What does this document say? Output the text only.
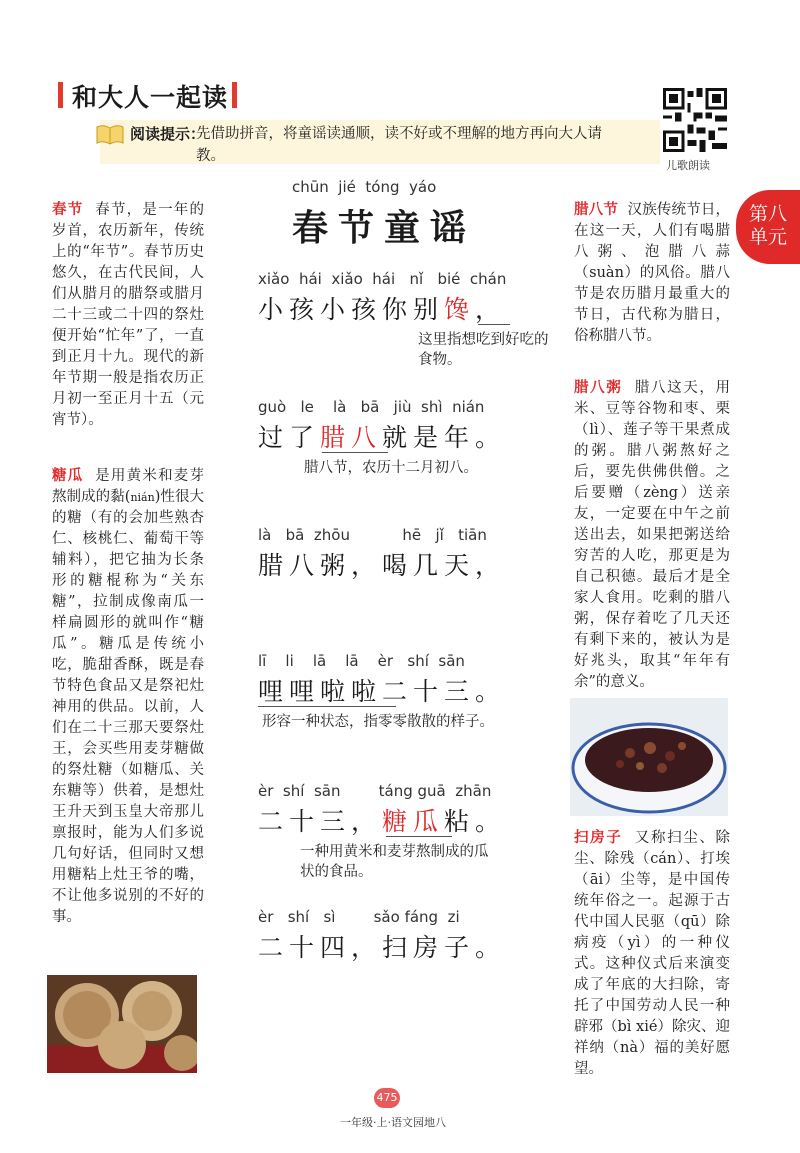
和大人一起读
阅读提示：
先借助拼音，将童谣读通顺，读不好或不理解的地方再向大人请教。
儿歌朗读
第八
单元
春节 春节，是一年的岁首，农历新年，传统上的“年节”。春节历史悠久，在古代民间，人们从腊月的腊祭或腊月二十三或二十四的祭灶便开始“忙年”了，一直到正月十九。现代的新年节期一般是指农历正月初一至正月十五（元宵节）。
糖瓜 是用黄米和麦芽熬制成的黏(nián)性很大的糖（有的会加些熟杏仁、核桃仁、葡萄干等辅料），把它抽为长条形的糖棍称为“关东糖”，拉制成像南瓜一样扁圆形的就叫作“糖瓜”。糖瓜是传统小吃，脆甜香酥，既是春节特色食品又是祭祀灶神用的供品。以前，人们在二十三那天要祭灶王，会买些用麦芽糖做的祭灶糖（如糖瓜、关东糖等）供着，是想灶王升天到玉皇大帝那儿禀报时，能为人们多说几句好话，但同时又想用糖粘上灶王爷的嘴，不让他多说别的不好的事。
chūn  jié  tóng  yáo
春节童谣
xiǎo  hái  xiǎo  hái   nǐ   bié  chán
小孩小孩你别馋，
这里指想吃到好吃的食物。
guò   le    là   bā   jiù  shì  nián
过了腊八就是年。
腊八节，农历十二月初八。
là   bā  zhōu           hē   jǐ   tiān
腊八粥，喝几天，
lī    li    lā    lā    èr   shí  sān
哩哩啦啦二十三。
形容一种状态，指零零散散的样子。
èr  shí  sān        táng guā  zhān
二十三，糖瓜粘。
一种用黄米和麦芽熬制成的瓜状的食品。
èr   shí   sì        sǎo fáng  zi
二十四，扫房子。
腊八节 汉族传统节日，在这一天，人们有喝腊八粥、泡腊八蒜（suàn）的风俗。腊八节是农历腊月最重大的节日，古代称为腊日，俗称腊八节。
腊八粥 腊八这天，用米、豆等谷物和枣、栗（lì）、莲子等干果煮成的粥。腊八粥熬好之后，要先供佛供僧。之后要赠（zèng）送亲友，一定要在中午之前送出去，如果把粥送给穷苦的人吃，那更是为自己积德。最后才是全家人食用。吃剩的腊八粥，保存着吃了几天还有剩下来的，被认为是好兆头，取其“年年有余”的意义。
扫房子 又称扫尘、除尘、除残（cán）、打埃（āi）尘等，是中国传统年俗之一。起源于古代中国人民驱（qū）除病疫（yì）的一种仪式。这种仪式后来演变成了年底的大扫除，寄托了中国劳动人民一种辟邪（bì xié）除灾、迎祥纳（nà）福的美好愿望。
475
一年级·上·语文园地八
